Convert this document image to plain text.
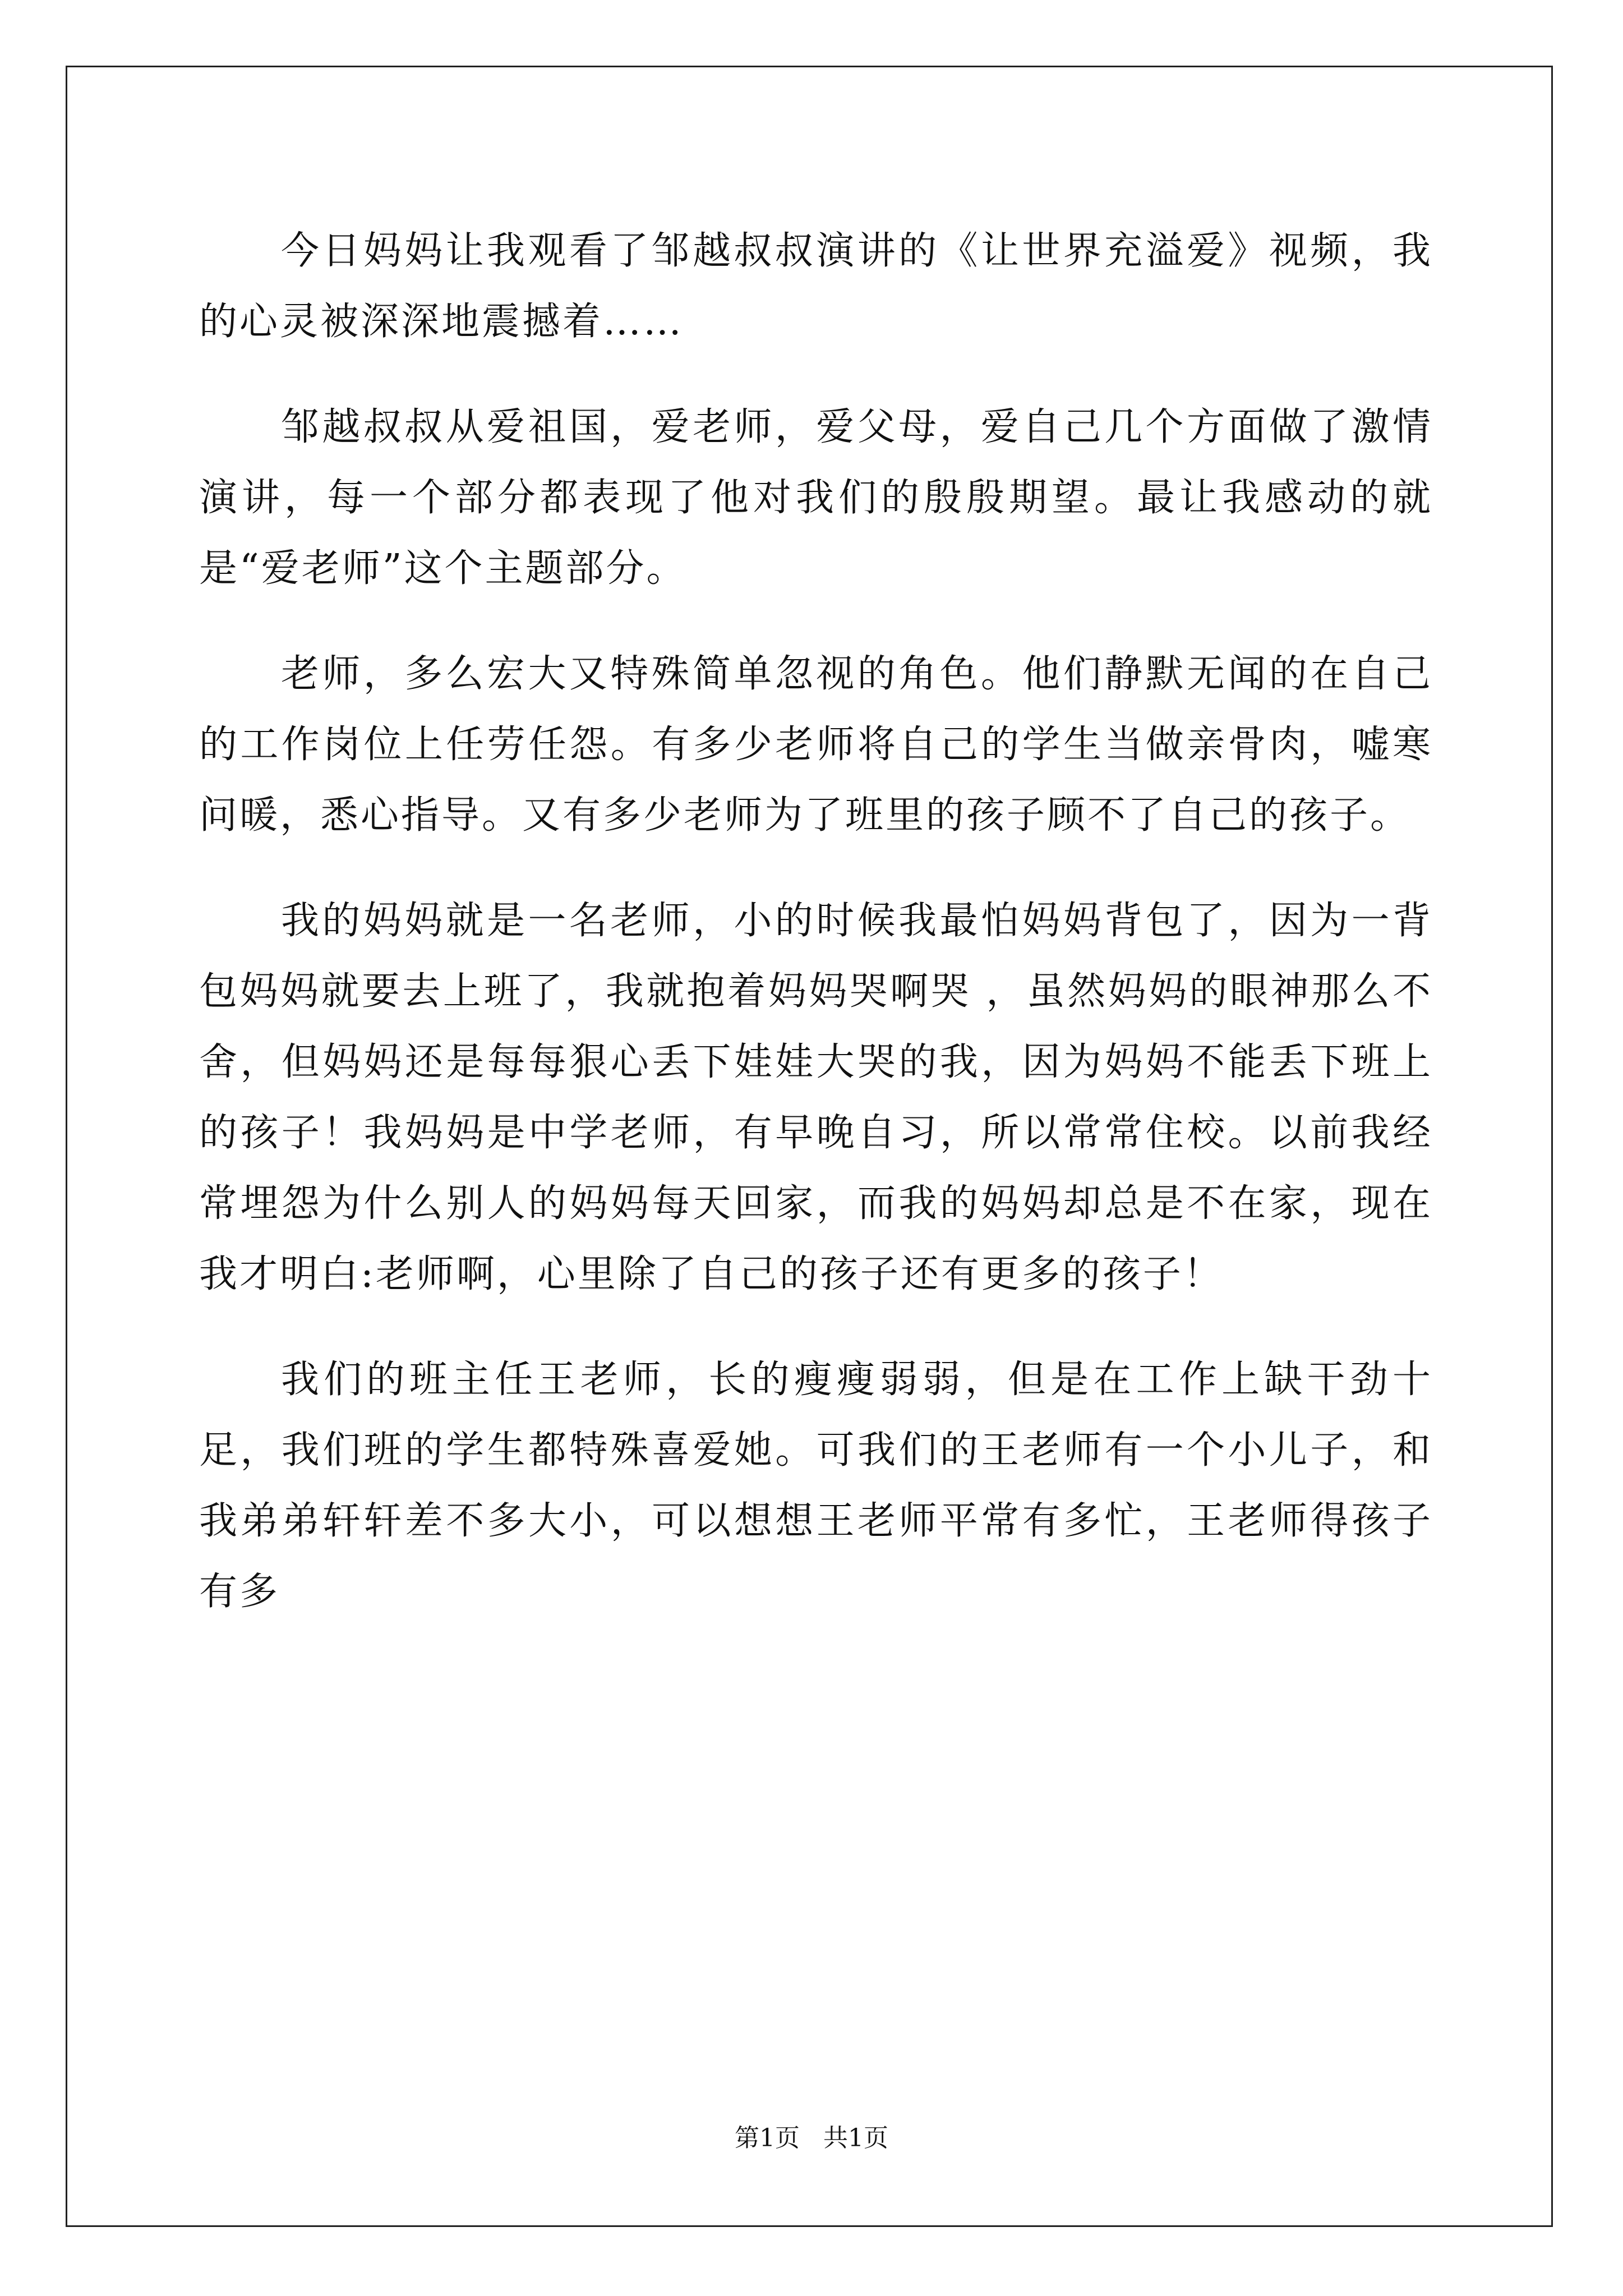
今日妈妈让我观看了邹越叔叔演讲的《让世界充溢爱》视频，我的心灵被深深地震撼着……

邹越叔叔从爱祖国，爱老师，爱父母，爱自己几个方面做了激情演讲，每一个部分都表现了他对我们的殷殷期望。最让我感动的就是“爱老师”这个主题部分。

老师，多么宏大又特殊简单忽视的角色。他们静默无闻的在自己的工作岗位上任劳任怨。有多少老师将自己的学生当做亲骨肉，嘘寒问暖，悉心指导。又有多少老师为了班里的孩子顾不了自己的孩子。

我的妈妈就是一名老师，小的时候我最怕妈妈背包了，因为一背包妈妈就要去上班了，我就抱着妈妈哭啊哭 ，虽然妈妈的眼神那么不舍，但妈妈还是每每狠心丢下娃娃大哭的我，因为妈妈不能丢下班上的孩子！我妈妈是中学老师，有早晚自习，所以常常住校。以前我经常埋怨为什么别人的妈妈每天回家，而我的妈妈却总是不在家，现在我才明白:老师啊，心里除了自己的孩子还有更多的孩子！

我们的班主任王老师，长的瘦瘦弱弱，但是在工作上缺干劲十足，我们班的学生都特殊喜爱她。可我们的王老师有一个小儿子，和我弟弟轩轩差不多大小，可以想想王老师平常有多忙，王老师得孩子有多

第1页   共1页
